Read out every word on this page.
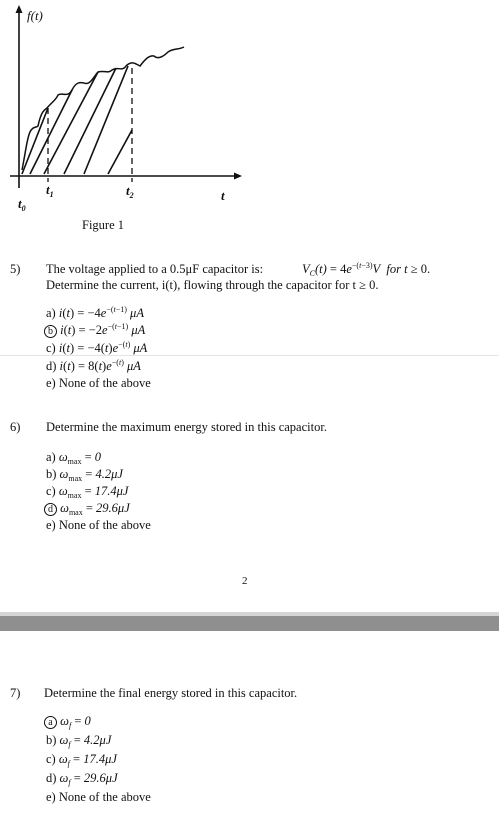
f(t)
$t_0$
$t_1$	$t_2$	t
Figure 1
5) The voltage applied to a 0.5μF capacitor is:	$V_C(t) = 4e^{-(t-3)}V$ for t ≥ 0.
Determine the current, i(t), flowing through the capacitor for t ≥ 0.
a) $i(t) = -4e^{-(t-1)}$ μA
b $i(t) = -2e^{-(t-1)}$ μA
c) $i(t) = -4(t)e^{-(t)}$ μA
d) $i(t) = 8(t)e^{-(t)}$ μA
e) None of the above
6) Determine the maximum energy stored in this capacitor.
a) $\omega_{max} = 0$
b) $\omega_{max} = 4.2\mu J$
c) $\omega_{max} = 17.4\mu J$
d $\omega_{max} = 29.6\mu J$
e) None of the above
2
7) Determine the final energy stored in this capacitor.
a $\omega_f = 0$
b) $\omega_f = 4.2\mu J$
c) $\omega_f = 17.4\mu J$
d) $\omega_f = 29.6\mu J$
e) None of the above
